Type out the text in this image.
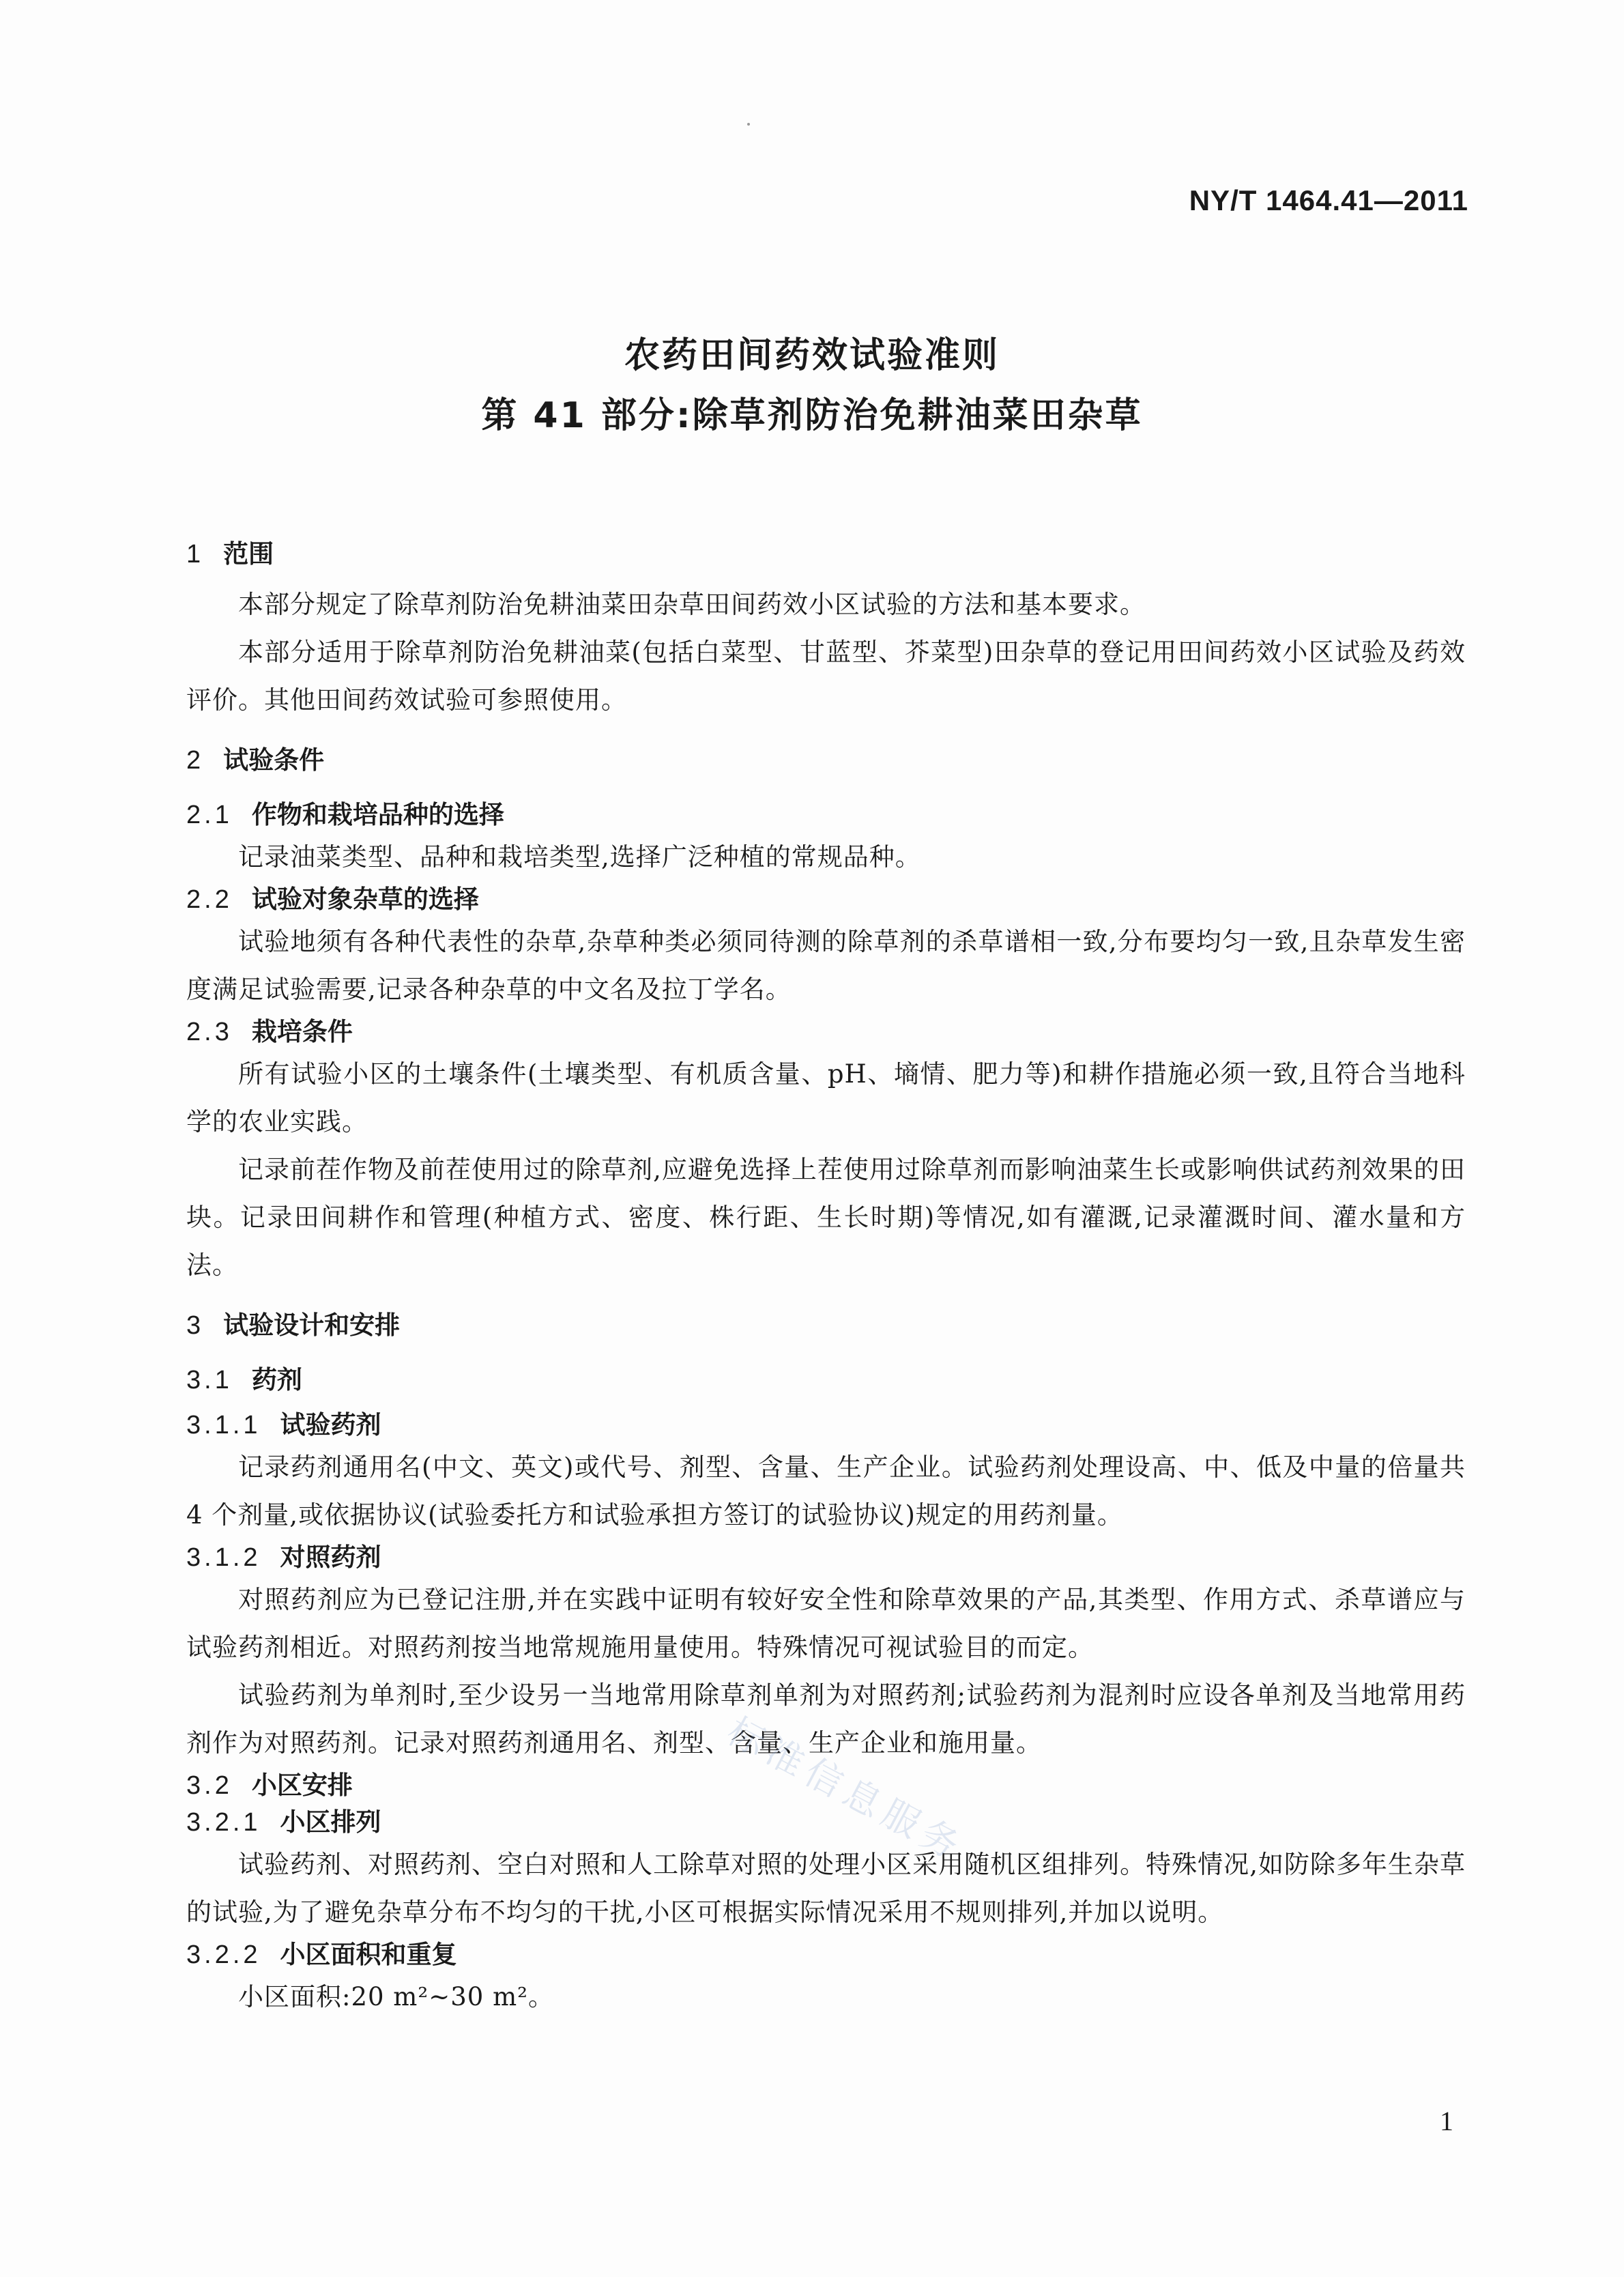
NY/T 1464.41—2011
农药田间药效试验准则
第 41 部分:除草剂防治免耕油菜田杂草
1 范围
本部分规定了除草剂防治免耕油菜田杂草田间药效小区试验的方法和基本要求。
本部分适用于除草剂防治免耕油菜(包括白菜型、甘蓝型、芥菜型)田杂草的登记用田间药效小区试验及药效评价。其他田间药效试验可参照使用。
2 试验条件
2.1 作物和栽培品种的选择
记录油菜类型、品种和栽培类型,选择广泛种植的常规品种。
2.2 试验对象杂草的选择
试验地须有各种代表性的杂草,杂草种类必须同待测的除草剂的杀草谱相一致,分布要均匀一致,且杂草发生密度满足试验需要,记录各种杂草的中文名及拉丁学名。
2.3 栽培条件
所有试验小区的土壤条件(土壤类型、有机质含量、pH、墒情、肥力等)和耕作措施必须一致,且符合当地科学的农业实践。
记录前茬作物及前茬使用过的除草剂,应避免选择上茬使用过除草剂而影响油菜生长或影响供试药剂效果的田块。记录田间耕作和管理(种植方式、密度、株行距、生长时期)等情况,如有灌溉,记录灌溉时间、灌水量和方法。
3 试验设计和安排
3.1 药剂
3.1.1 试验药剂
记录药剂通用名(中文、英文)或代号、剂型、含量、生产企业。试验药剂处理设高、中、低及中量的倍量共 4 个剂量,或依据协议(试验委托方和试验承担方签订的试验协议)规定的用药剂量。
3.1.2 对照药剂
对照药剂应为已登记注册,并在实践中证明有较好安全性和除草效果的产品,其类型、作用方式、杀草谱应与试验药剂相近。对照药剂按当地常规施用量使用。特殊情况可视试验目的而定。
试验药剂为单剂时,至少设另一当地常用除草剂单剂为对照药剂;试验药剂为混剂时应设各单剂及当地常用药剂作为对照药剂。记录对照药剂通用名、剂型、含量、生产企业和施用量。
3.2 小区安排
3.2.1 小区排列
试验药剂、对照药剂、空白对照和人工除草对照的处理小区采用随机区组排列。特殊情况,如防除多年生杂草的试验,为了避免杂草分布不均匀的干扰,小区可根据实际情况采用不规则排列,并加以说明。
3.2.2 小区面积和重复
小区面积:20 m²~30 m²。
标准信息服务
1
